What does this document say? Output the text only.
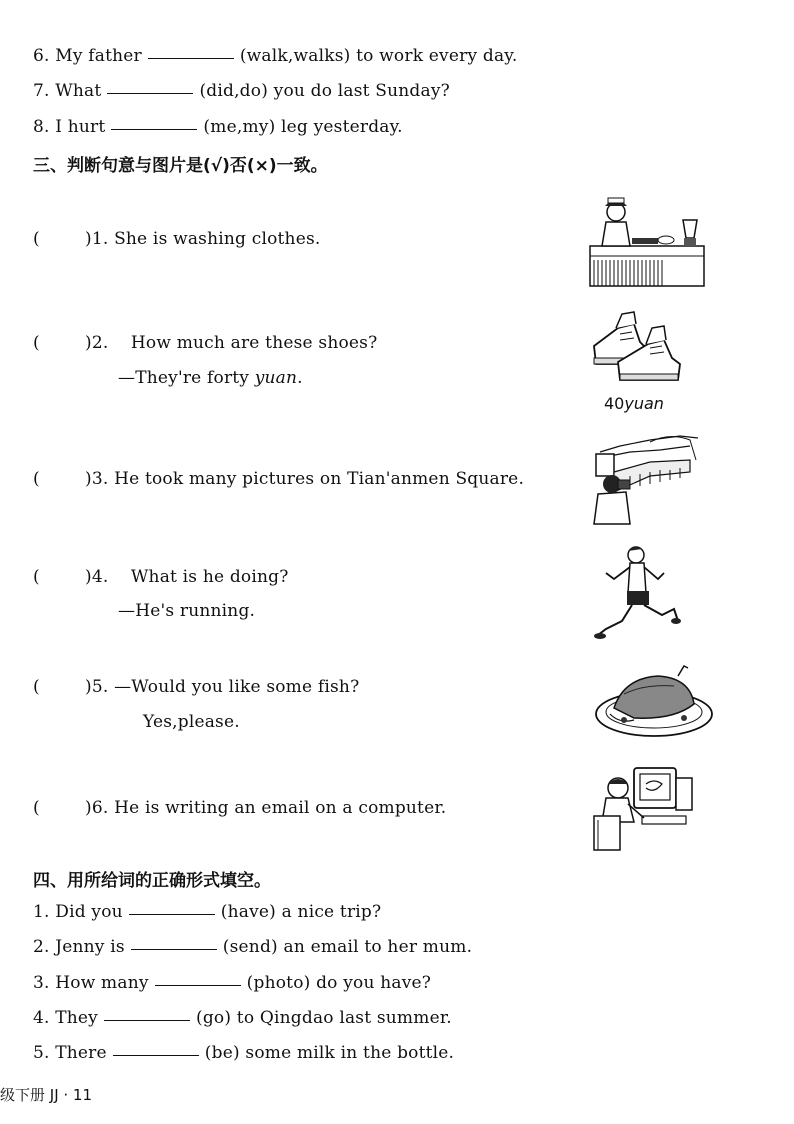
6. My father	(walk,walks) to work every day.
7. What	(did,do) you do last Sunday?
8. I hurt	(me,my) leg yesterday.
三、判断句意与图片是(√)否(×)一致。
(	)1. She is washing clothes.
(	)2.    How much are these shoes?
—They're forty yuan.
(	)3. He took many pictures on Tian'anmen Square.
(	)4.    What is he doing?
—He's running.
(	)5. —Would you like some fish?
Yes,please.
(	)6. He is writing an email on a computer.
40yuan
四、用所给词的正确形式填空。
1. Did you	(have) a nice trip?
2. Jenny is	(send) an email to her mum.
3. How many	(photo) do you have?
4. They	(go) to Qingdao last summer.
5. There	(be) some milk in the bottle.
级下册 JJ · 11
